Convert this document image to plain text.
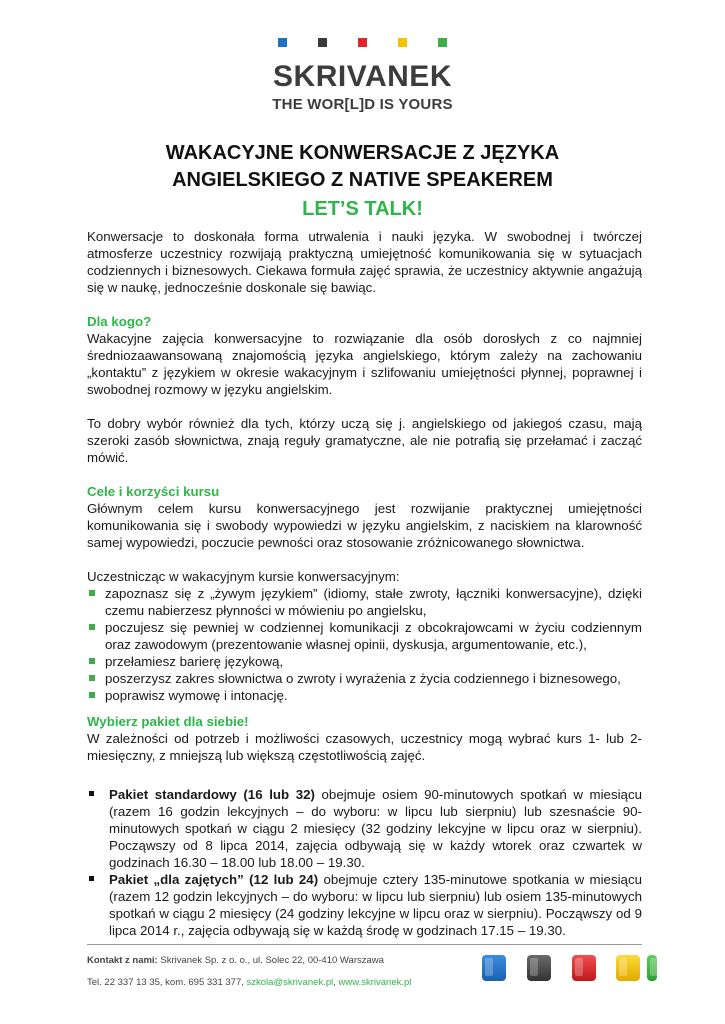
SKRIVANEK
THE WOR[L]D IS YOURS
WAKACYJNE KONWERSACJE Z JĘZYKA
ANGIELSKIEGO Z NATIVE SPEAKEREM
LET’S TALK!

Konwersacje to doskonała forma utrwalenia i nauki języka. W swobodnej i twórczej atmosferze uczestnicy rozwijają praktyczną umiejętność komunikowania się w sytuacjach codziennych i biznesowych. Ciekawa formuła zajęć sprawia, że uczestnicy aktywnie angażują się w naukę, jednocześnie doskonale się bawiąc.

Dla kogo?

Wakacyjne zajęcia konwersacyjne to rozwiązanie dla osób dorosłych z co najmniej średniozaawansowaną znajomością języka angielskiego, którym zależy na zachowaniu „kontaktu” z językiem w okresie wakacyjnym i szlifowaniu umiejętności płynnej, poprawnej i swobodnej rozmowy w języku angielskim.

To dobry wybór również dla tych, którzy uczą się j. angielskiego od jakiegoś czasu, mają szeroki zasób słownictwa, znają reguły gramatyczne, ale nie potrafią się przełamać i zacząć mówić.

Cele i korzyści kursu

Głównym celem kursu konwersacyjnego jest rozwijanie praktycznej umiejętności komunikowania się i swobody wypowiedzi w języku angielskim, z naciskiem na klarowność samej wypowiedzi, poczucie pewności oraz stosowanie zróżnicowanego słownictwa.

Uczestnicząc w wakacyjnym kursie konwersacyjnym:

zapoznasz się z „żywym językiem” (idiomy, stałe zwroty, łączniki konwersacyjne), dzięki czemu nabierzesz płynności w mówieniu po angielsku,
poczujesz się pewniej w codziennej komunikacji z obcokrajowcami w życiu codziennym oraz zawodowym (prezentowanie własnej opinii, dyskusja, argumentowanie, etc.),
przełamiesz barierę językową,
poszerzysz zakres słownictwa o zwroty i wyrażenia z życia codziennego i biznesowego,
poprawisz wymowę i intonację.
Wybierz pakiet dla siebie!

W zależności od potrzeb i możliwości czasowych, uczestnicy mogą wybrać kurs 1- lub 2-miesięczny, z mniejszą lub większą częstotliwością zajęć.

Pakiet standardowy (16 lub 32) obejmuje osiem 90-minutowych spotkań w miesiącu (razem 16 godzin lekcyjnych – do wyboru: w lipcu lub sierpniu) lub szesnaście 90-minutowych spotkań w ciągu 2 miesięcy (32 godziny lekcyjne w lipcu oraz w sierpniu). Począwszy od 8 lipca 2014, zajęcia odbywają się w każdy wtorek oraz czwartek w godzinach 16.30 – 18.00 lub 18.00 – 19.30.
Pakiet „dla zajętych” (12 lub 24) obejmuje cztery 135-minutowe spotkania w miesiącu (razem 12 godzin lekcyjnych – do wyboru: w lipcu lub sierpniu) lub osiem 135-minutowych spotkań w ciągu 2 miesięcy (24 godziny lekcyjne w lipcu oraz w sierpniu). Począwszy od 9 lipca 2014 r., zajęcia odbywają się w każdą środę w godzinach 17.15 – 19.30.
Kontakt z nami: Skrivanek Sp. z o. o., ul. Solec 22, 00-410 Warszawa
Tel. 22 337 13 35, kom. 695 331 377, szkola@skrivanek.pl, www.skrivanek.pl
